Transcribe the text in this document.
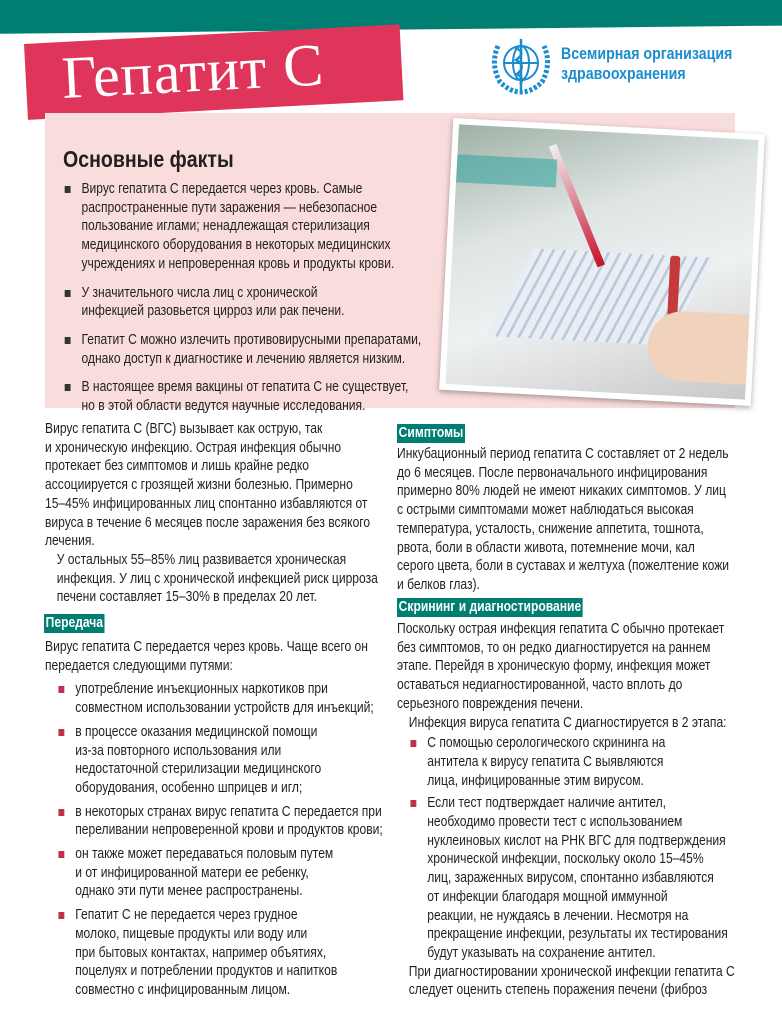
Гепатит С	Всемирная организация
здравоохранения
Основные факты
Вирус гепатита С передается через кровь. Самые
распространенные пути заражения — небезопасное
пользование иглами; ненадлежащая стерилизация
медицинского оборудования в некоторых медицинских
учреждениях и непроверенная кровь и продукты крови.
У значительного числа лиц с хронической
инфекцией разовьется цирроз или рак печени.
Гепатит С можно излечить противовирусными препаратами,
однако доступ к диагностике и лечению является низким.
В настоящее время вакцины от гепатита С не существует,
но в этой области ведутся научные исследования.
Вирус гепатита С (ВГС) вызывает как острую, так
и хроническую инфекцию. Острая инфекция обычно
протекает без симптомов и лишь крайне редко
ассоциируется с грозящей жизни болезнью. Примерно
15–45% инфицированных лиц спонтанно избавляются от
вируса в течение 6 месяцев после заражения без всякого
лечения.
У остальных 55–85% лиц развивается хроническая
инфекция. У лиц с хронической инфекцией риск цирроза
печени составляет 15–30% в пределах 20 лет.
Передача
Вирус гепатита С передается через кровь. Чаще всего он
передается следующими путями:
употребление инъекционных наркотиков при
совместном использовании устройств для инъекций;
в процессе оказания медицинской помощи
из-за повторного использования или
недостаточной стерилизации медицинского
оборудования, особенно шприцев и игл;
в некоторых странах вирус гепатита С передается при
переливании непроверенной крови и продуктов крови;
он также может передаваться половым путем
и от инфицированной матери ее ребенку,
однако эти пути менее распространены.
Гепатит С не передается через грудное
молоко, пищевые продукты или воду или
при бытовых контактах, например объятиях,
поцелуях и потреблении продуктов и напитков
совместно с инфицированным лицом.
Симптомы
Инкубационный период гепатита С составляет от 2 недель
до 6 месяцев. После первоначального инфицирования
примерно 80% людей не имеют никаких симптомов. У лиц
с острыми симптомами может наблюдаться высокая
температура, усталость, снижение аппетита, тошнота,
рвота, боли в области живота, потемнение мочи, кал
серого цвета, боли в суставах и желтуха (пожелтение кожи
и белков глаз).
Скрининг и диагностирование
Поскольку острая инфекция гепатита С обычно протекает
без симптомов, то он редко диагностируется на раннем
этапе. Перейдя в хроническую форму, инфекция может
оставаться недиагностированной, часто вплоть до
серьезного повреждения печени.
Инфекция вируса гепатита С диагностируется в 2 этапа:
С помощью серологического скрининга на
антитела к вирусу гепатита С выявляются
лица, инфицированные этим вирусом.
Если тест подтверждает наличие антител,
необходимо провести тест с использованием
нуклеиновых кислот на РНК ВГС для подтверждения
хронической инфекции, поскольку около 15–45%
лиц, зараженных вирусом, спонтанно избавляются
от инфекции благодаря мощной иммунной
реакции, не нуждаясь в лечении. Несмотря на
прекращение инфекции, результаты их тестирования
будут указывать на сохранение антител.
При диагностировании хронической инфекции гепатита С
следует оценить степень поражения печени (фиброз
